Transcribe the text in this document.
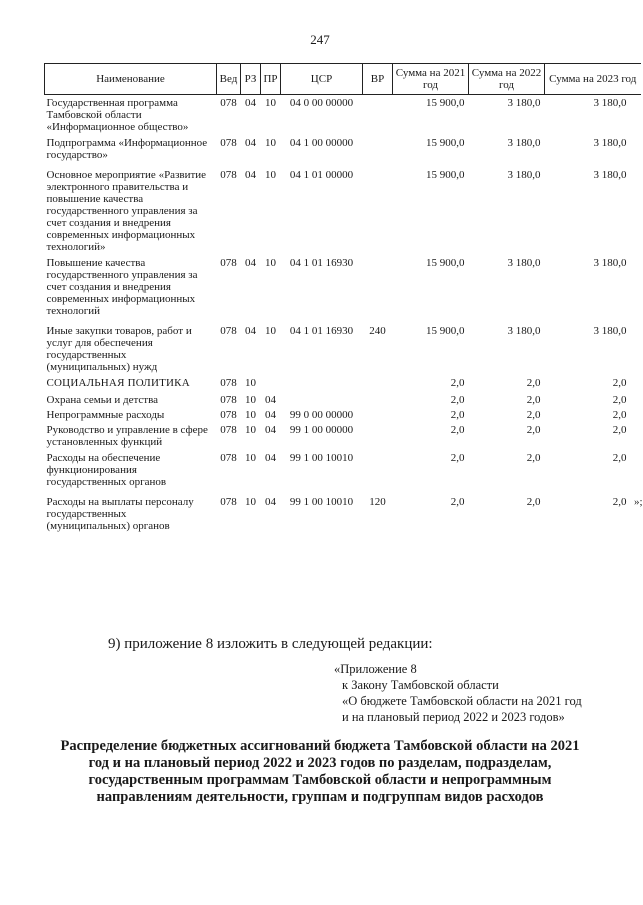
247
Наименование	Вед	РЗ	ПР	ЦСР	ВР	Сумма на 2021 год	Сумма на 2022 год	Сумма на 2023 год
Государственная программа Тамбовской области «Информационное общество»	078	04	10	04 0 00 00000		15 900,0	3 180,0	3 180,0
Подпрограмма «Информационное государство»	078	04	10	04 1 00 00000		15 900,0	3 180,0	3 180,0
Основное мероприятие «Развитие электронного правительства и повышение качества государственного управления за счет создания и внедрения современных информационных технологий»	078	04	10	04 1 01 00000		15 900,0	3 180,0	3 180,0
Повышение качества государственного управления за счет создания и внедрения современных информационных технологий	078	04	10	04 1 01 16930		15 900,0	3 180,0	3 180,0
Иные закупки товаров, работ и услуг для обеспечения государственных (муниципальных) нужд	078	04	10	04 1 01 16930	240	15 900,0	3 180,0	3 180,0
СОЦИАЛЬНАЯ ПОЛИТИКА	078	10				2,0	2,0	2,0
Охрана семьи и детства	078	10	04			2,0	2,0	2,0
Непрограммные расходы	078	10	04	99 0 00 00000		2,0	2,0	2,0
Руководство и управление в сфере установленных функций	078	10	04	99 1 00 00000		2,0	2,0	2,0
Расходы на обеспечение функционирования государственных органов	078	10	04	99 1 00 10010		2,0	2,0	2,0
Расходы на выплаты персоналу государственных (муниципальных) органов	078	10	04	99 1 00 10010	120	2,0	2,0	2,0 »;
9) приложение 8 изложить в следующей редакции:
«Приложение 8
к Закону Тамбовской области
«О бюджете Тамбовской области на 2021 год
и на плановый период 2022 и 2023 годов»
Распределение бюджетных ассигнований бюджета Тамбовской области на 2021 год и на плановый период 2022 и 2023 годов по разделам, подразделам, государственным программам Тамбовской области и непрограммным направлениям деятельности, группам и подгруппам видов расходов
